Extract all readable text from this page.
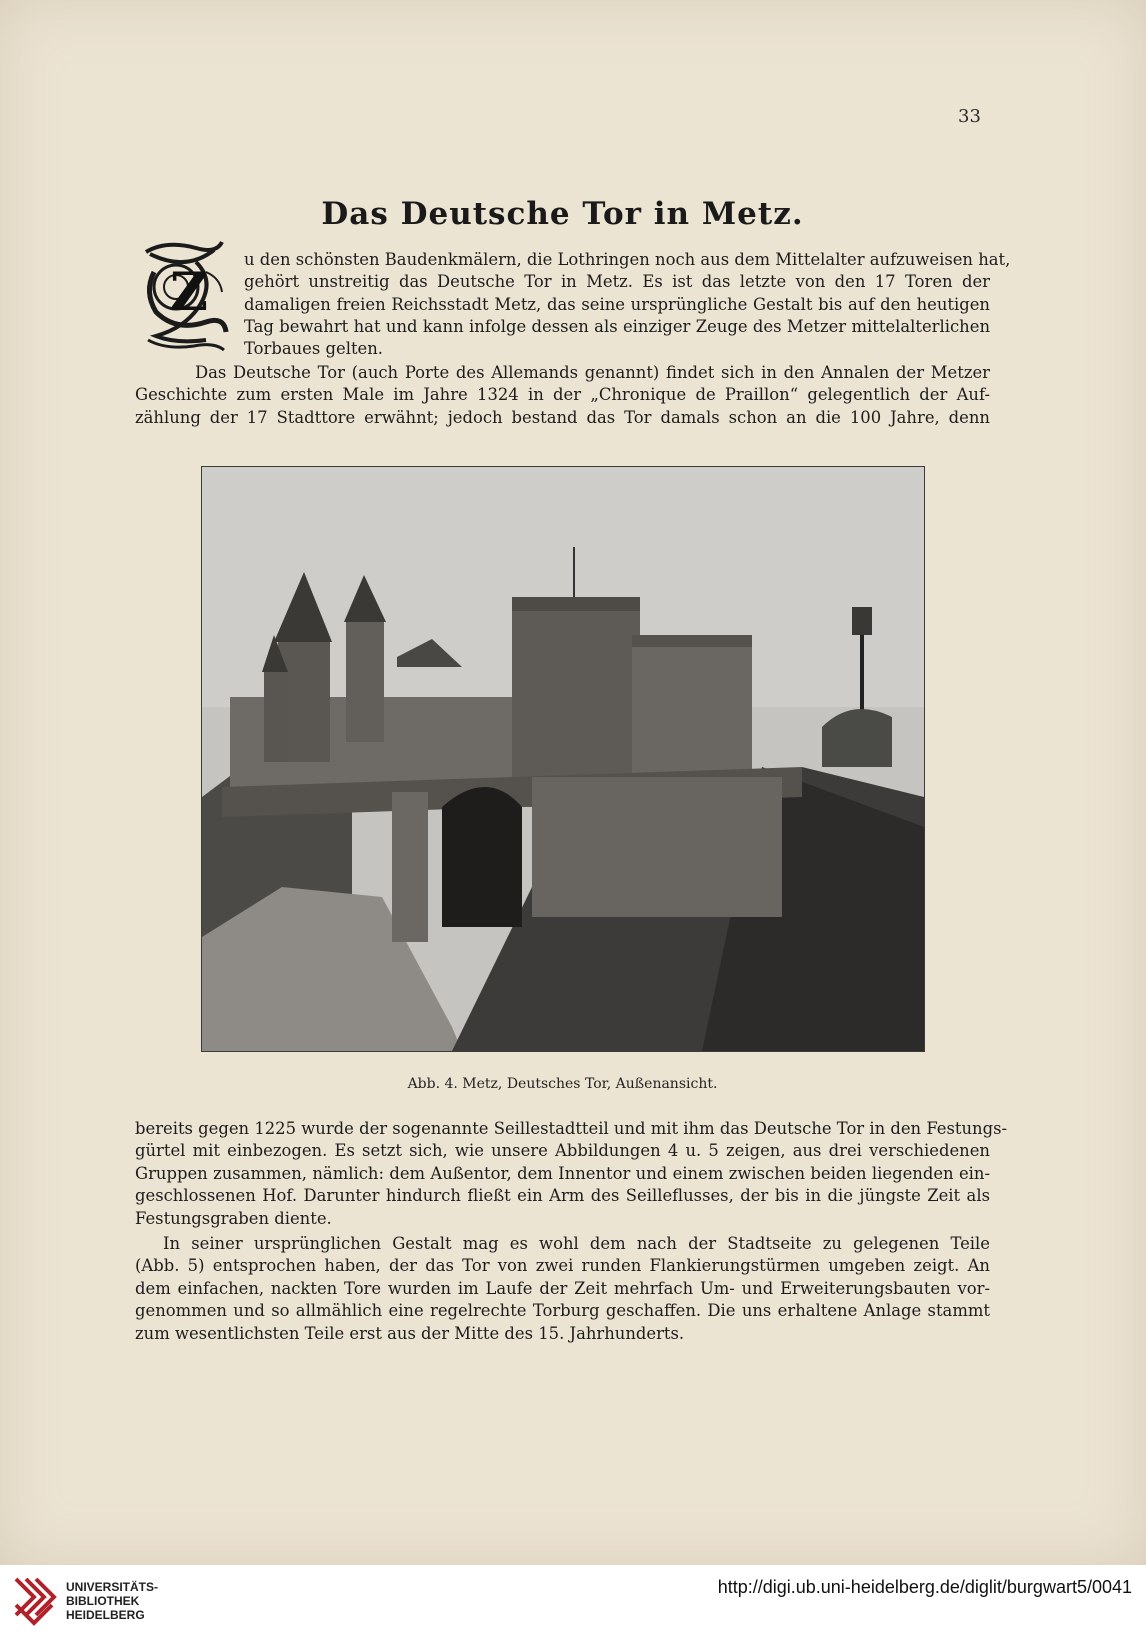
33
Das Deutsche Tor in Metz.
Z
u den schönsten Baudenkmälern, die Lothringen noch aus dem Mittelalter aufzuweisen hat,
gehört unstreitig das Deutsche Tor in Metz. Es ist das letzte von den 17 Toren der
damaligen freien Reichsstadt Metz, das seine ursprüngliche Gestalt bis auf den heutigen
Tag bewahrt hat und kann infolge dessen als einziger Zeuge des Metzer mittelalterlichen
Torbaues gelten.
Das Deutsche Tor (auch Porte des Allemands genannt) findet sich in den Annalen der Metzer
Geschichte zum ersten Male im Jahre 1324 in der „Chronique de Praillon“ gelegentlich der Auf-
zählung der 17 Stadttore erwähnt; jedoch bestand das Tor damals schon an die 100 Jahre, denn
Abb. 4. Metz, Deutsches Tor, Außenansicht.
bereits gegen 1225 wurde der sogenannte Seillestadtteil und mit ihm das Deutsche Tor in den Festungs-
gürtel mit einbezogen. Es setzt sich, wie unsere Abbildungen 4 u. 5 zeigen, aus drei verschiedenen
Gruppen zusammen, nämlich: dem Außentor, dem Innentor und einem zwischen beiden liegenden ein-
geschlossenen Hof. Darunter hindurch fließt ein Arm des Seilleflusses, der bis in die jüngste Zeit als
Festungsgraben diente.
In seiner ursprünglichen Gestalt mag es wohl dem nach der Stadtseite zu gelegenen Teile
(Abb. 5) entsprochen haben, der das Tor von zwei runden Flankierungstürmen umgeben zeigt. An
dem einfachen, nackten Tore wurden im Laufe der Zeit mehrfach Um- und Erweiterungsbauten vor-
genommen und so allmählich eine regelrechte Torburg geschaffen. Die uns erhaltene Anlage stammt
zum wesentlichsten Teile erst aus der Mitte des 15. Jahrhunderts.
UNIVERSITÄTS-
BIBLIOTHEK
HEIDELBERG
http://digi.ub.uni-heidelberg.de/diglit/burgwart5/0041
